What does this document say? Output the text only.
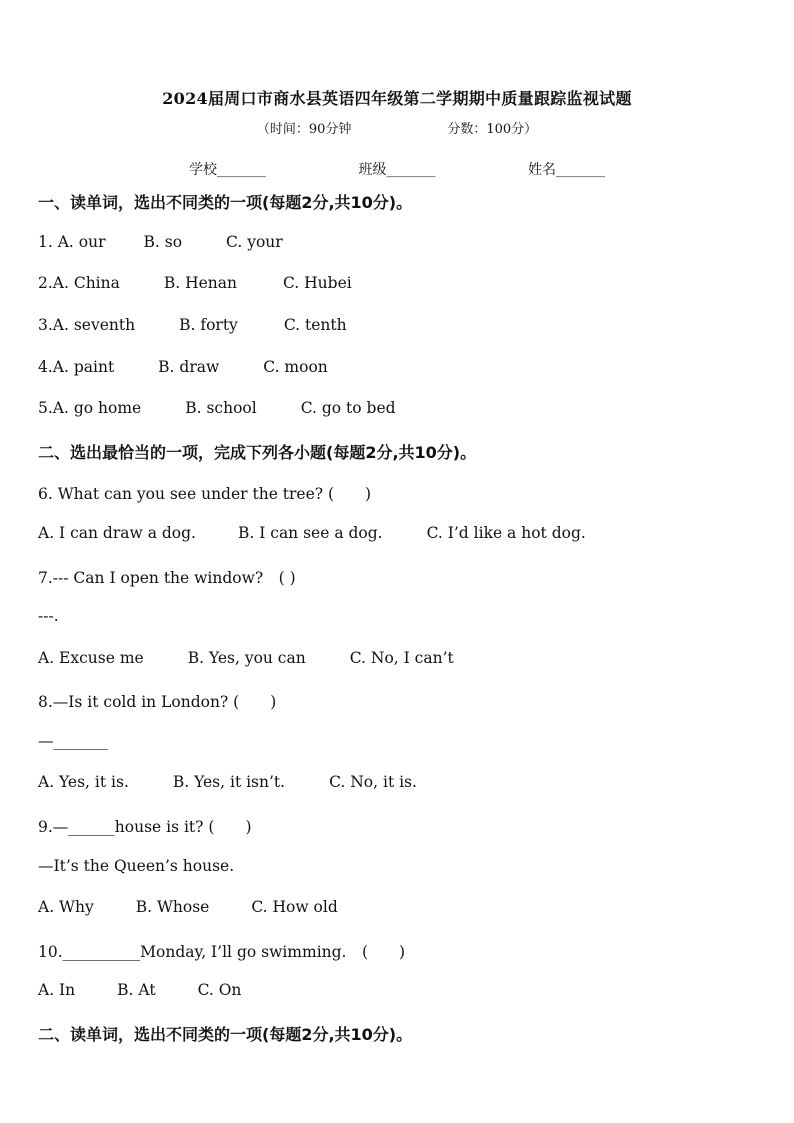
2024届周口市商水县英语四年级第二学期期中质量跟踪监视试题
（时间：90分钟	分数：100分）
学校_______	班级_______	姓名_______
一、读单词，选出不同类的一项(每题2分,共10分)。
1. A. our B. so	C. your
2.A. China	B. Henan	C. Hubei
3.A. seventh	B. forty	C. tenth
4.A. paint	B. draw	C. moon
5.A. go home	B. school	C. go to bed
二、选出最恰当的一项，完成下列各小题(每题2分,共10分)。
6. What can you see under the tree? (　　)
A. I can draw a dog.	B. I can see a dog.	C. I’d like a hot dog.
7.--- Can I open the window?　( )
---.
A. Excuse me	B. Yes, you can	C. No, I can’t
8.—Is it cold in London? (　　)
—_______
A. Yes, it is.	B. Yes, it isn’t.	C. No, it is.
9.—______house is it? (　　)
—It’s the Queen’s house.
A. Why	B. Whose	C. How old
10.__________Monday, I’ll go swimming.　(　　)
A. In	B. At	C. On
二、读单词，选出不同类的一项(每题2分,共10分)。
